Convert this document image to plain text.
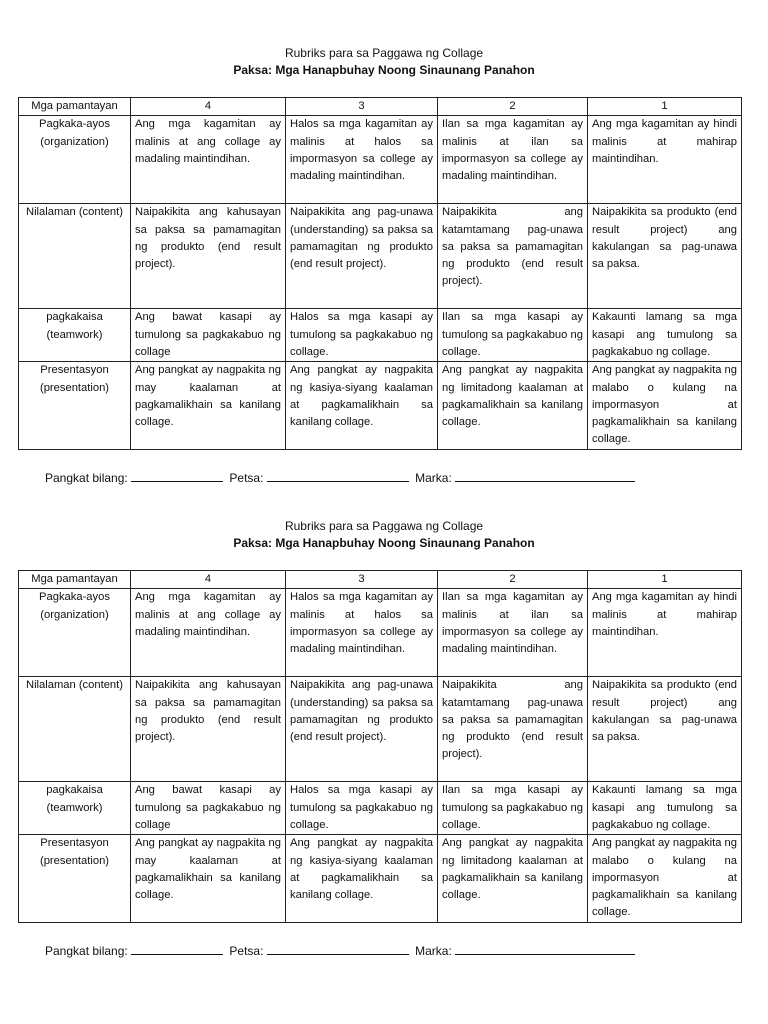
Rubriks para sa Paggawa ng Collage
Paksa: Mga Hanapbuhay Noong Sinaunang Panahon
Mga pamantayan	4	3	2	1
Pagkaka-ayos (organization)	Ang mga kagamitan ay malinis at ang collage ay madaling maintindihan.	Halos sa mga kagamitan ay malinis at halos sa impormasyon sa college ay madaling maintindihan.	Ilan sa mga kagamitan ay malinis at ilan sa impormasyon sa college ay madaling maintindihan.	Ang mga kagamitan ay hindi malinis at mahirap maintindihan.
Nilalaman (content)	Naipakikita ang kahusayan sa paksa sa pamamagitan ng produkto (end result project).	Naipakikita ang pag-unawa (understanding) sa paksa sa pamamagitan ng produkto (end result project).	Naipakikita ang katamtamang pag-unawa sa paksa sa pamamagitan ng produkto (end result project).	Naipakikita sa produkto (end result project) ang kakulangan sa pag-unawa sa paksa.
pagkakaisa (teamwork)	Ang bawat kasapi ay tumulong sa pagkakabuo ng collage	Halos sa mga kasapi ay tumulong sa pagkakabuo ng collage.	Ilan sa mga kasapi ay tumulong sa pagkakabuo ng collage.	Kakaunti lamang sa mga kasapi ang tumulong sa pagkakabuo ng collage.
Presentasyon (presentation)	Ang pangkat ay nagpakita ng may kaalaman at pagkamalikhain sa kanilang collage.	Ang pangkat ay nagpakita ng kasiya-siyang kaalaman at pagkamalikhain sa kanilang collage.	Ang pangkat ay nagpakita ng limitadong kaalaman at pagkamalikhain sa kanilang collage.	Ang pangkat ay nagpakita ng malabo o kulang na impormasyon at pagkamalikhain sa kanilang collage.
Pangkat bilang:	Petsa:	Marka:
Rubriks para sa Paggawa ng Collage
Paksa: Mga Hanapbuhay Noong Sinaunang Panahon
Mga pamantayan	4	3	2	1
Pagkaka-ayos (organization)	Ang mga kagamitan ay malinis at ang collage ay madaling maintindihan.	Halos sa mga kagamitan ay malinis at halos sa impormasyon sa college ay madaling maintindihan.	Ilan sa mga kagamitan ay malinis at ilan sa impormasyon sa college ay madaling maintindihan.	Ang mga kagamitan ay hindi malinis at mahirap maintindihan.
Nilalaman (content)	Naipakikita ang kahusayan sa paksa sa pamamagitan ng produkto (end result project).	Naipakikita ang pag-unawa (understanding) sa paksa sa pamamagitan ng produkto (end result project).	Naipakikita ang katamtamang pag-unawa sa paksa sa pamamagitan ng produkto (end result project).	Naipakikita sa produkto (end result project) ang kakulangan sa pag-unawa sa paksa.
pagkakaisa (teamwork)	Ang bawat kasapi ay tumulong sa pagkakabuo ng collage	Halos sa mga kasapi ay tumulong sa pagkakabuo ng collage.	Ilan sa mga kasapi ay tumulong sa pagkakabuo ng collage.	Kakaunti lamang sa mga kasapi ang tumulong sa pagkakabuo ng collage.
Presentasyon (presentation)	Ang pangkat ay nagpakita ng may kaalaman at pagkamalikhain sa kanilang collage.	Ang pangkat ay nagpakita ng kasiya-siyang kaalaman at pagkamalikhain sa kanilang collage.	Ang pangkat ay nagpakita ng limitadong kaalaman at pagkamalikhain sa kanilang collage.	Ang pangkat ay nagpakita ng malabo o kulang na impormasyon at pagkamalikhain sa kanilang collage.
Pangkat bilang:	Petsa:	Marka:
